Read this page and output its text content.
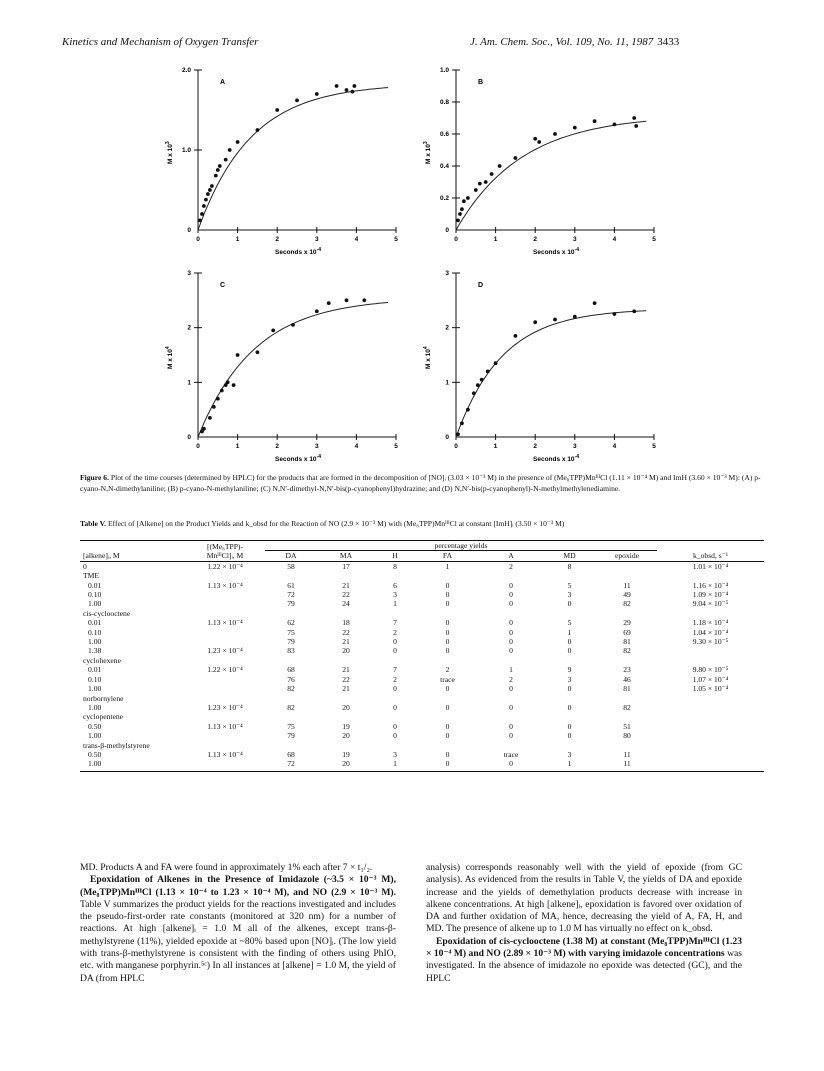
Kinetics and Mechanism of Oxygen Transfer	J. Am. Chem. Soc., Vol. 109, No. 11, 1987 3433
0	1	2	3	4	5
0
1.0
2.0
A
Seconds x $10^{-4}$
M x $10^3$
0	1	2	3	4	5
0
0.2
0.4
0.6
0.8
1.0
B
Seconds x $10^{-4}$
M x $10^3$
0	1	2	3	4	5
0
1
2
3
C
Seconds x $10^{-4}$
M x $10^4$
0	1	2	3	4	5
0
1
2
3
D
Seconds x $10^{-4}$
M x $10^4$
Figure 6. Plot of the time courses (determined by HPLC) for the products that are formed in the decomposition of [NO]ᵢ (3.03 × 10⁻³ M) in the presence of (Me₈TPP)MnᴵᴵᴵCl (1.11 × 10⁻⁴ M) and ImH (3.60 × 10⁻³ M): (A) p-cyano-N,N-dimethylaniline; (B) p-cyano-N-methylaniline; (C) N,N′-dimethyl-N,N′-bis(p-cyanophenyl)hydrazine; and (D) N,N′-bis(p-cyanophenyl)-N-methylmethylenediamine.
Table V. Effect of [Alkene] on the Product Yields and k_obsd for the Reaction of NO (2.9 × 10⁻³ M) with (Me₈TPP)MnᴵᴵᴵCl at constant [ImH]ᵢ (3.50 × 10⁻³ M)
	[(Me₈TPP)-	percentage yields							
[alkene]ᵢ, M	MnᴵᴵᴵCl]ᵢ, M	DA	MA	H	FA	A	MD	epoxide	k_obsd, s⁻¹
0	1.22 × 10⁻⁴	58	17	8	1	2	8		1.01 × 10⁻⁴
TME									
0.01	1.13 × 10⁻⁴	61	21	6	0	0	5	11	1.16 × 10⁻⁴
0.10		72	22	3	0	0	3	49	1.09 × 10⁻⁴
1.00		79	24	1	0	0	0	82	9.04 × 10⁻⁵
cis-cyclooctene									
0.01	1.13 × 10⁻⁴	62	18	7	0	0	5	29	1.18 × 10⁻⁴
0.10		75	22	2	0	0	1	69	1.04 × 10⁻⁴
1.00		79	21	0	0	0	0	81	9.30 × 10⁻⁵
1.38	1.23 × 10⁻⁴	83	20	0	0	0	0	82	
cyclohexene									
0.01	1.22 × 10⁻⁴	68	21	7	2	1	9	23	9.80 × 10⁻⁵
0.10		76	22	2	trace	2	3	46	1.07 × 10⁻⁴
1.00		82	21	0	0	0	0	81	1.05 × 10⁻⁴
norbornylene									
1.00	1.23 × 10⁻⁴	82	20	0	0	0	0	82	
cyclopentene									
0.50	1.13 × 10⁻⁴	75	19	0	0	0	0	51	
1.00		79	20	0	0	0	0	80	
trans-β-methylstyrene									
0.50	1.13 × 10⁻⁴	68	19	3	0	trace	3	11	
1.00		72	20	1	0	0	1	11	

MD. Products A and FA were found in approximately 1% each after 7 × t₁/₂.

Epoxidation of Alkenes in the Presence of Imidazole (~3.5 × 10⁻³ M), (Me₈TPP)MnᴵᴵᴵCl (1.13 × 10⁻⁴ to 1.23 × 10⁻⁴ M), and NO (2.9 × 10⁻³ M). Table V summarizes the product yields for the reactions investigated and includes the pseudo-first-order rate constants (monitored at 320 nm) for a number of reactions. At high [alkene]ᵢ = 1.0 M all of the alkenes, except trans-β-methylstyrene (11%), yielded epoxide at ~80% based upon [NO]ᵢ. (The low yield with trans-β-methylstyrene is consistent with the finding of others using PhIO, etc. with manganese porphyrin.⁵ᶜ) In all instances at [alkene] = 1.0 M, the yield of DA (from HPLC

analysis) corresponds reasonably well with the yield of epoxide (from GC analysis). As evidenced from the results in Table V, the yields of DA and epoxide increase and the yields of demethylation products decrease with increase in alkene concentrations. At high [alkene]ᵢ, epoxidation is favored over oxidation of DA and further oxidation of MA, hence, decreasing the yield of A, FA, H, and MD. The presence of alkene up to 1.0 M has virtually no effect on k_obsd.

Epoxidation of cis-cyclooctene (1.38 M) at constant (Me₈TPP)MnᴵᴵᴵCl (1.23 × 10⁻⁴ M) and NO (2.89 × 10⁻³ M) with varying imidazole concentrations was investigated. In the absence of imidazole no epoxide was detected (GC), and the HPLC
